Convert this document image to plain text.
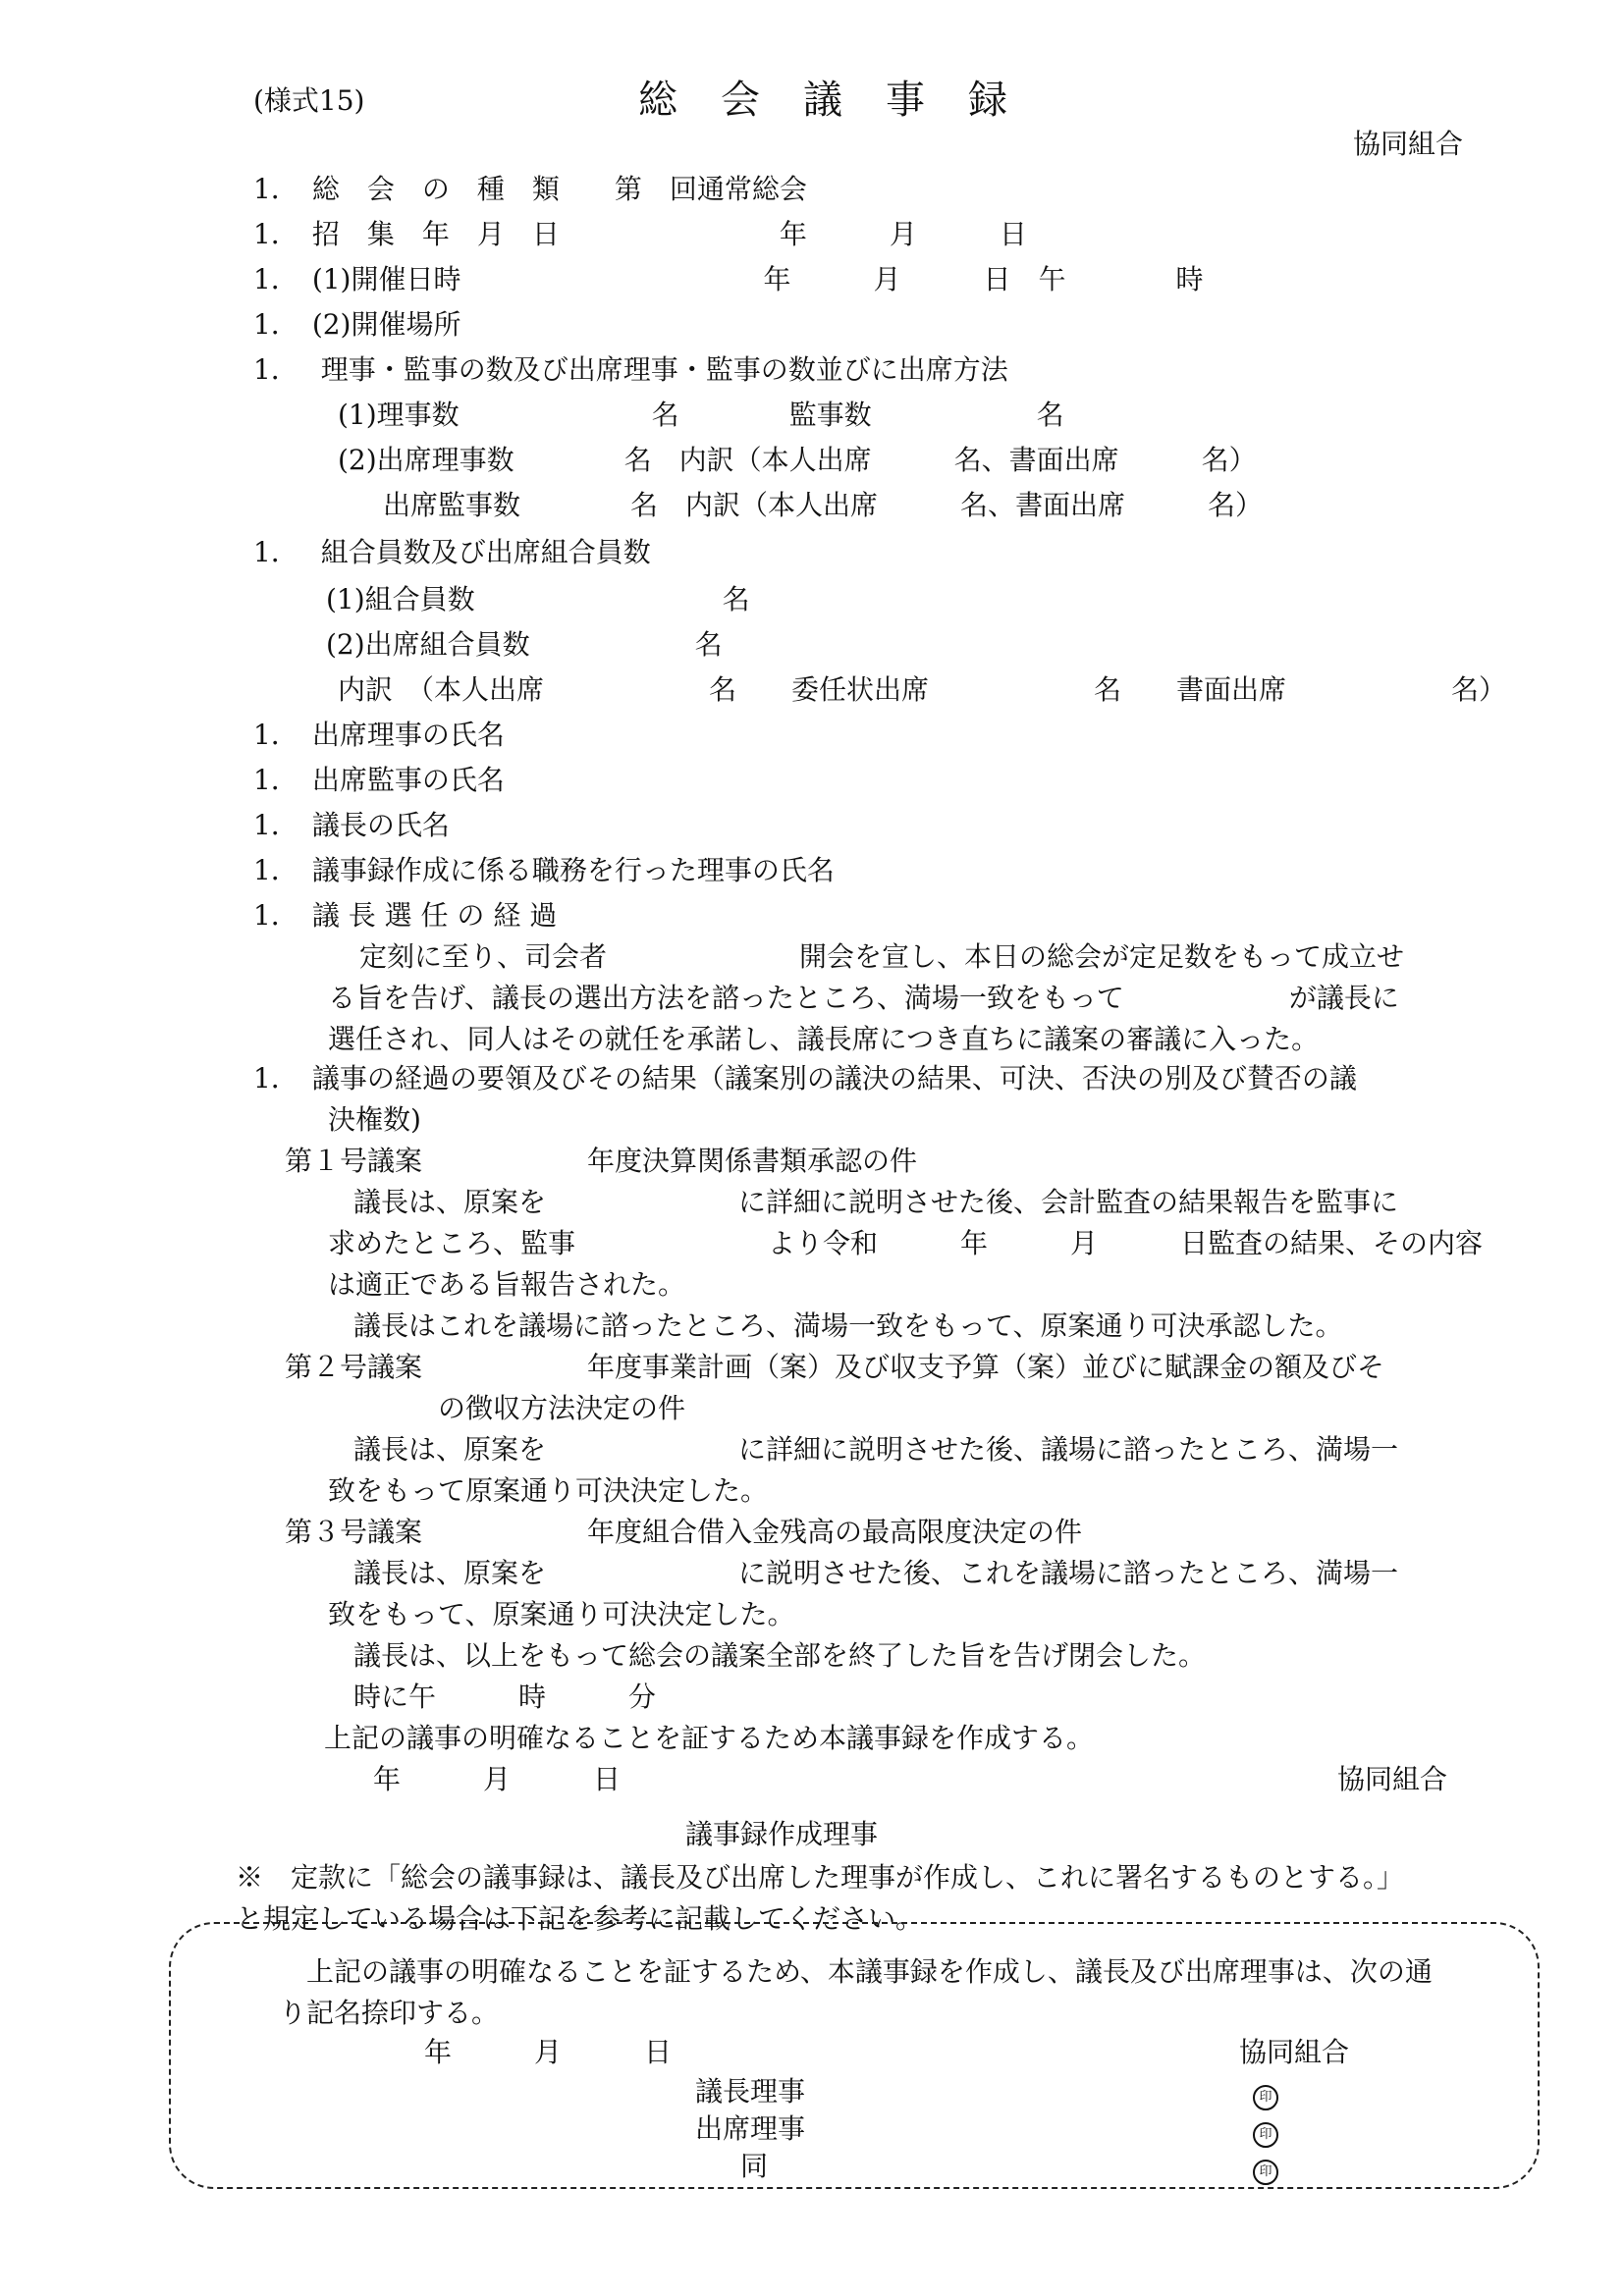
(様式15)	総　会　議　事　録
協同組合
1．　総　会　の　種　類　　第　回通常総会
1．　招　集　年　月　日　　　　　　　　年　　　月　　　日
1．　(1)開催日時　　　　　　　　　　　年　　　月　　　日　午　　　　時
1．　(2)開催場所
1．　 理事・監事の数及び出席理事・監事の数並びに出席方法
(1)理事数　　　　　　　名　　　　監事数　　　　　　名
(2)出席理事数　　　　名　内訳（本人出席　　　名、書面出席　　　名）
出席監事数　　　　名　内訳（本人出席　　　名、書面出席　　　名）
1．　 組合員数及び出席組合員数
(1)組合員数　　　　　　　　　名
(2)出席組合員数　　　　　　名
内訳　（本人出席　　　　　　名　　委任状出席　　　　　　名　　書面出席　　　　　　名）
1．　出席理事の氏名
1．　出席監事の氏名
1．　議長の氏名
1．　議事録作成に係る職務を行った理事の氏名
1．　議 長 選 任 の 経 過
定刻に至り、司会者　　　　　　　開会を宣し、本日の総会が定足数をもって成立せ
る旨を告げ、議長の選出方法を諮ったところ、満場一致をもって　　　　　　が議長に
選任され、同人はその就任を承諾し、議長席につき直ちに議案の審議に入った。
1．　議事の経過の要領及びその結果（議案別の議決の結果、可決、否決の別及び賛否の議
決権数)
第１号議案　　　　　　年度決算関係書類承認の件
議長は、原案を　　　　　　　に詳細に説明させた後、会計監査の結果報告を監事に
求めたところ、監事　　　　　　　より令和　　　年　　　月　　　日監査の結果、その内容
は適正である旨報告された。
議長はこれを議場に諮ったところ、満場一致をもって、原案通り可決承認した。
第２号議案　　　　　　年度事業計画（案）及び収支予算（案）並びに賦課金の額及びそ
の徴収方法決定の件
議長は、原案を　　　　　　　に詳細に説明させた後、議場に諮ったところ、満場一
致をもって原案通り可決決定した。
第３号議案　　　　　　年度組合借入金残高の最高限度決定の件
議長は、原案を　　　　　　　に説明させた後、これを議場に諮ったところ、満場一
致をもって、原案通り可決決定した。
議長は、以上をもって総会の議案全部を終了した旨を告げ閉会した。
時に午　　　時　　　分
上記の議事の明確なることを証するため本議事録を作成する。
年　　　月　　　日	協同組合
議事録作成理事
※　定款に「総会の議事録は、議長及び出席した理事が作成し、これに署名するものとする。」
と規定している場合は下記を参考に記載してください。
上記の議事の明確なることを証するため、本議事録を作成し、議長及び出席理事は、次の通
り記名捺印する。
年　　　月　　　日	協同組合
議長理事	印
出席理事	印
同	印
